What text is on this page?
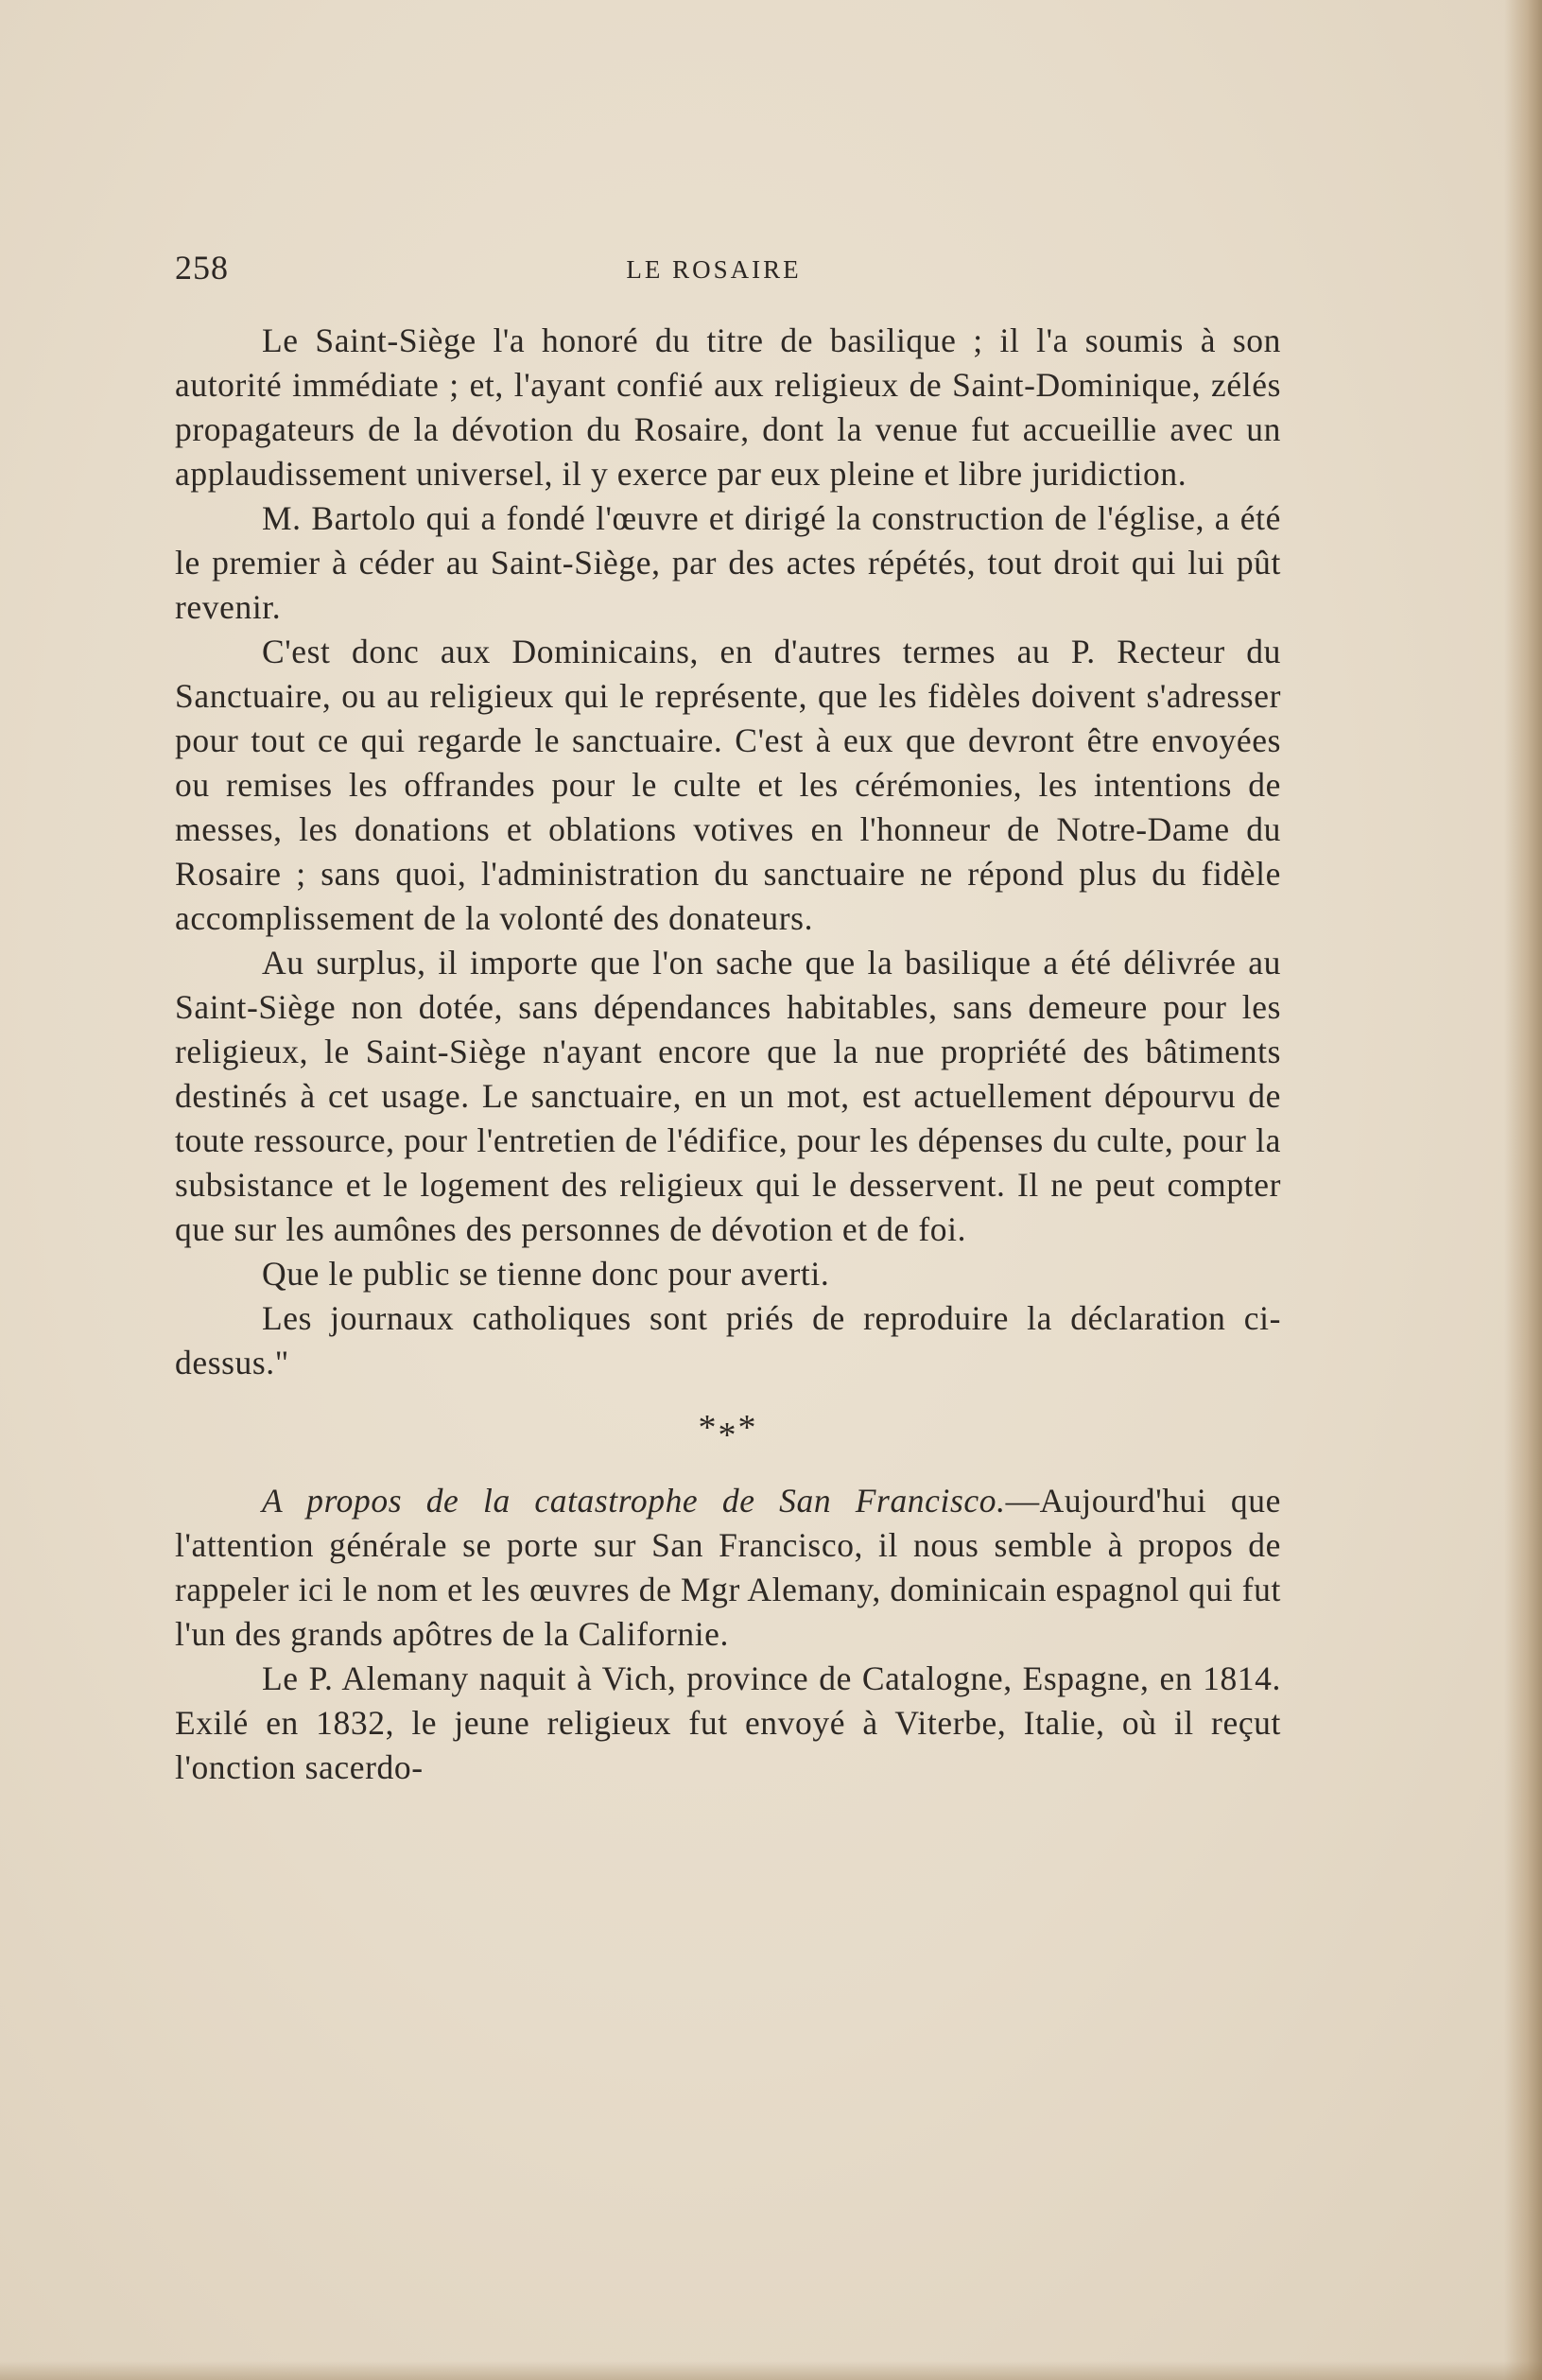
258	LE ROSAIRE

Le Saint-Siège l'a honoré du titre de basilique ; il l'a soumis à son autorité immédiate ; et, l'ayant confié aux religieux de Saint-Dominique, zélés propagateurs de la dévotion du Rosaire, dont la venue fut accueillie avec un applaudissement universel, il y exerce par eux pleine et libre juridiction.

M. Bartolo qui a fondé l'œuvre et dirigé la construction de l'église, a été le premier à céder au Saint-Siège, par des actes répétés, tout droit qui lui pût revenir.

C'est donc aux Dominicains, en d'autres termes au P. Recteur du Sanctuaire, ou au religieux qui le représente, que les fidèles doivent s'adresser pour tout ce qui regarde le sanctuaire. C'est à eux que devront être envoyées ou remises les offrandes pour le culte et les cérémonies, les intentions de messes, les donations et oblations votives en l'honneur de Notre-Dame du Rosaire ; sans quoi, l'administration du sanctuaire ne répond plus du fidèle accomplissement de la volonté des donateurs.

Au surplus, il importe que l'on sache que la basilique a été délivrée au Saint-Siège non dotée, sans dépendances habitables, sans demeure pour les religieux, le Saint-Siège n'ayant encore que la nue propriété des bâtiments destinés à cet usage. Le sanctuaire, en un mot, est actuellement dépourvu de toute ressource, pour l'entretien de l'édifice, pour les dépenses du culte, pour la subsistance et le logement des religieux qui le desservent. Il ne peut compter que sur les aumônes des personnes de dévotion et de foi.

Que le public se tienne donc pour averti.

Les journaux catholiques sont priés de reproduire la déclaration ci-dessus."

***

A propos de la catastrophe de San Francisco.—Aujourd'hui que l'attention générale se porte sur San Francisco, il nous semble à propos de rappeler ici le nom et les œuvres de Mgr Alemany, dominicain espagnol qui fut l'un des grands apôtres de la Californie.

Le P. Alemany naquit à Vich, province de Catalogne, Espagne, en 1814. Exilé en 1832, le jeune religieux fut envoyé à Viterbe, Italie, où il reçut l'onction sacerdo-
